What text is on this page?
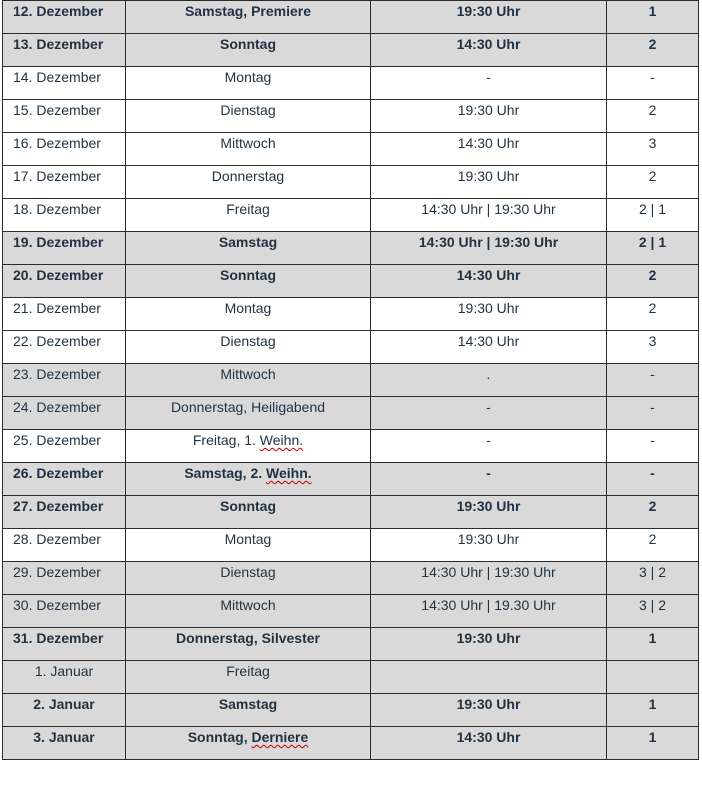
12. Dezember	Samstag, Premiere	19:30 Uhr	1
13. Dezember	Sonntag	14:30 Uhr	2
14. Dezember	Montag	-	-
15. Dezember	Dienstag	19:30 Uhr	2
16. Dezember	Mittwoch	14:30 Uhr	3
17. Dezember	Donnerstag	19:30 Uhr	2
18. Dezember	Freitag	14:30 Uhr | 19:30 Uhr	2 | 1
19. Dezember	Samstag	14:30 Uhr | 19:30 Uhr	2 | 1
20. Dezember	Sonntag	14:30 Uhr	2
21. Dezember	Montag	19:30 Uhr	2
22. Dezember	Dienstag	14:30 Uhr	3
23. Dezember	Mittwoch	.	-
24. Dezember	Donnerstag, Heiligabend	-	-
25. Dezember	Freitag, 1. Weihn.	-	-
26. Dezember	Samstag, 2. Weihn.	-	-
27. Dezember	Sonntag	19:30 Uhr	2
28. Dezember	Montag	19:30 Uhr	2
29. Dezember	Dienstag	14:30 Uhr | 19:30 Uhr	3 | 2
30. Dezember	Mittwoch	14:30 Uhr | 19.30 Uhr	3 | 2
31. Dezember	Donnerstag, Silvester	19:30 Uhr	1
1. Januar	Freitag		
2. Januar	Samstag	19:30 Uhr	1
3. Januar	Sonntag, Derniere	14:30 Uhr	1
